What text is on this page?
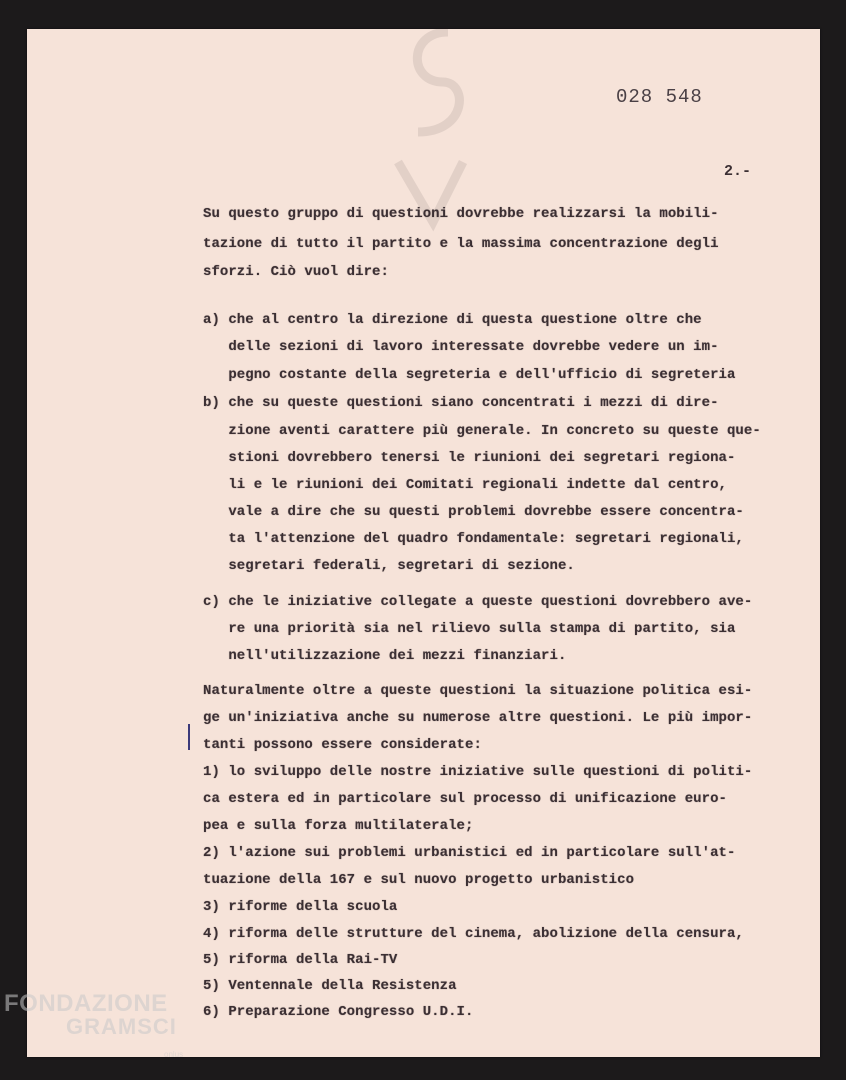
028 548
2.-
Su questo gruppo di questioni dovrebbe realizzarsi la mobili-
tazione di tutto il partito e la massima concentrazione degli
sforzi. Ciò vuol dire:
a) che al centro la direzione di questa questione oltre che
delle sezioni di lavoro interessate dovrebbe vedere un im-
pegno costante della segreteria e dell'ufficio di segreteria
b) che su queste questioni siano concentrati i mezzi di dire-
zione aventi carattere più generale. In concreto su queste que-
stioni dovrebbero tenersi le riunioni dei segretari regiona-
li e le riunioni dei Comitati regionali indette dal centro,
vale a dire che su questi problemi dovrebbe essere concentra-
ta l'attenzione del quadro fondamentale: segretari regionali,
segretari federali, segretari di sezione.
c) che le iniziative collegate a queste questioni dovrebbero ave-
re una priorità sia nel rilievo sulla stampa di partito, sia
nell'utilizzazione dei mezzi finanziari.
Naturalmente oltre a queste questioni la situazione politica esi-
ge un'iniziativa anche su numerose altre questioni. Le più impor-
tanti possono essere considerate:
1) lo sviluppo delle nostre iniziative sulle questioni di politi-
ca estera ed in particolare sul processo di unificazione euro-
pea e sulla forza multilaterale;
2) l'azione sui problemi urbanistici ed in particolare sull'at-
tuazione della 167 e sul nuovo progetto urbanistico
3) riforme della scuola
4) riforma delle strutture del cinema, abolizione della censura,
5) riforma della Rai-TV
5) Ventennale della Resistenza
6) Preparazione Congresso U.D.I.
FONDAZIONE
GRAMSCI
onlus
